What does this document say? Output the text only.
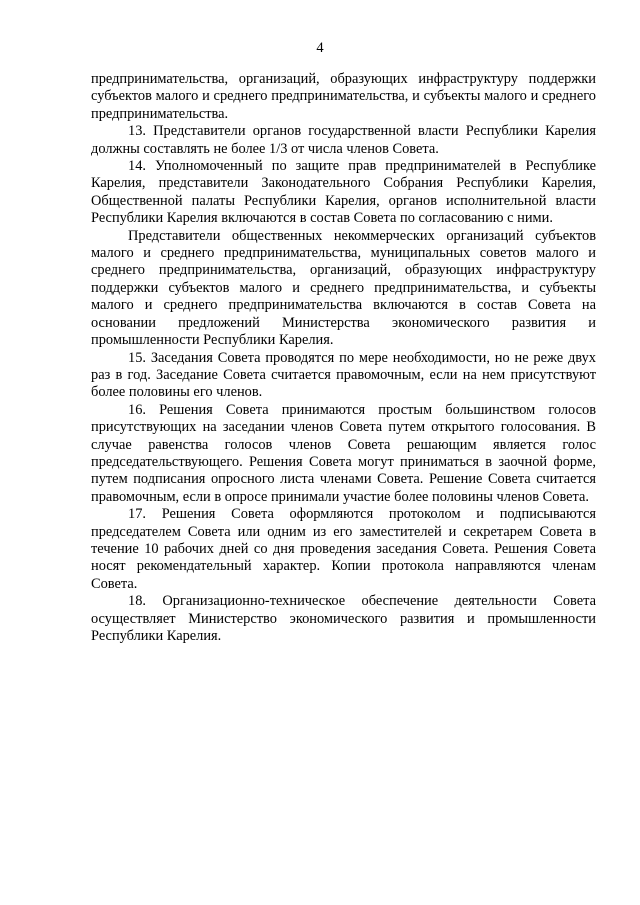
4

предпринимательства, организаций, образующих инфраструктуру поддержки субъектов малого и среднего предпринимательства, и субъекты малого и среднего предпринимательства.

13. Представители органов государственной власти Республики Карелия должны составлять не более 1/3 от числа членов Совета.

14. Уполномоченный по защите прав предпринимателей в Республике Карелия, представители Законодательного Собрания Республики Карелия, Общественной палаты Республики Карелия, органов исполнительной власти Республики Карелия включаются в состав Совета по согласованию с ними.

Представители общественных некоммерческих организаций субъектов малого и среднего предпринимательства, муниципальных советов малого и среднего предпринимательства, организаций, образующих инфраструктуру поддержки субъектов малого и среднего предпринимательства, и субъекты малого и среднего предпринимательства включаются в состав Совета на основании предложений Министерства экономического развития и промышленности Республики Карелия.

15. Заседания Совета проводятся по мере необходимости, но не реже двух раз в год. Заседание Совета считается правомочным, если на нем присутствуют более половины его членов.

16. Решения Совета принимаются простым большинством голосов присутствующих на заседании членов Совета путем открытого голосования. В случае равенства голосов членов Совета решающим является голос председательствующего. Решения Совета могут приниматься в заочной форме, путем подписания опросного листа членами Совета. Решение Совета считается правомочным, если в опросе принимали участие более половины членов Совета.

17. Решения Совета оформляются протоколом и подписываются председателем Совета или одним из его заместителей и секретарем Совета в течение 10 рабочих дней со дня проведения заседания Совета. Решения Совета носят рекомендательный характер. Копии протокола направляются членам Совета.

18. Организационно-техническое обеспечение деятельности Совета осуществляет Министерство экономического развития и промышленности Республики Карелия.
